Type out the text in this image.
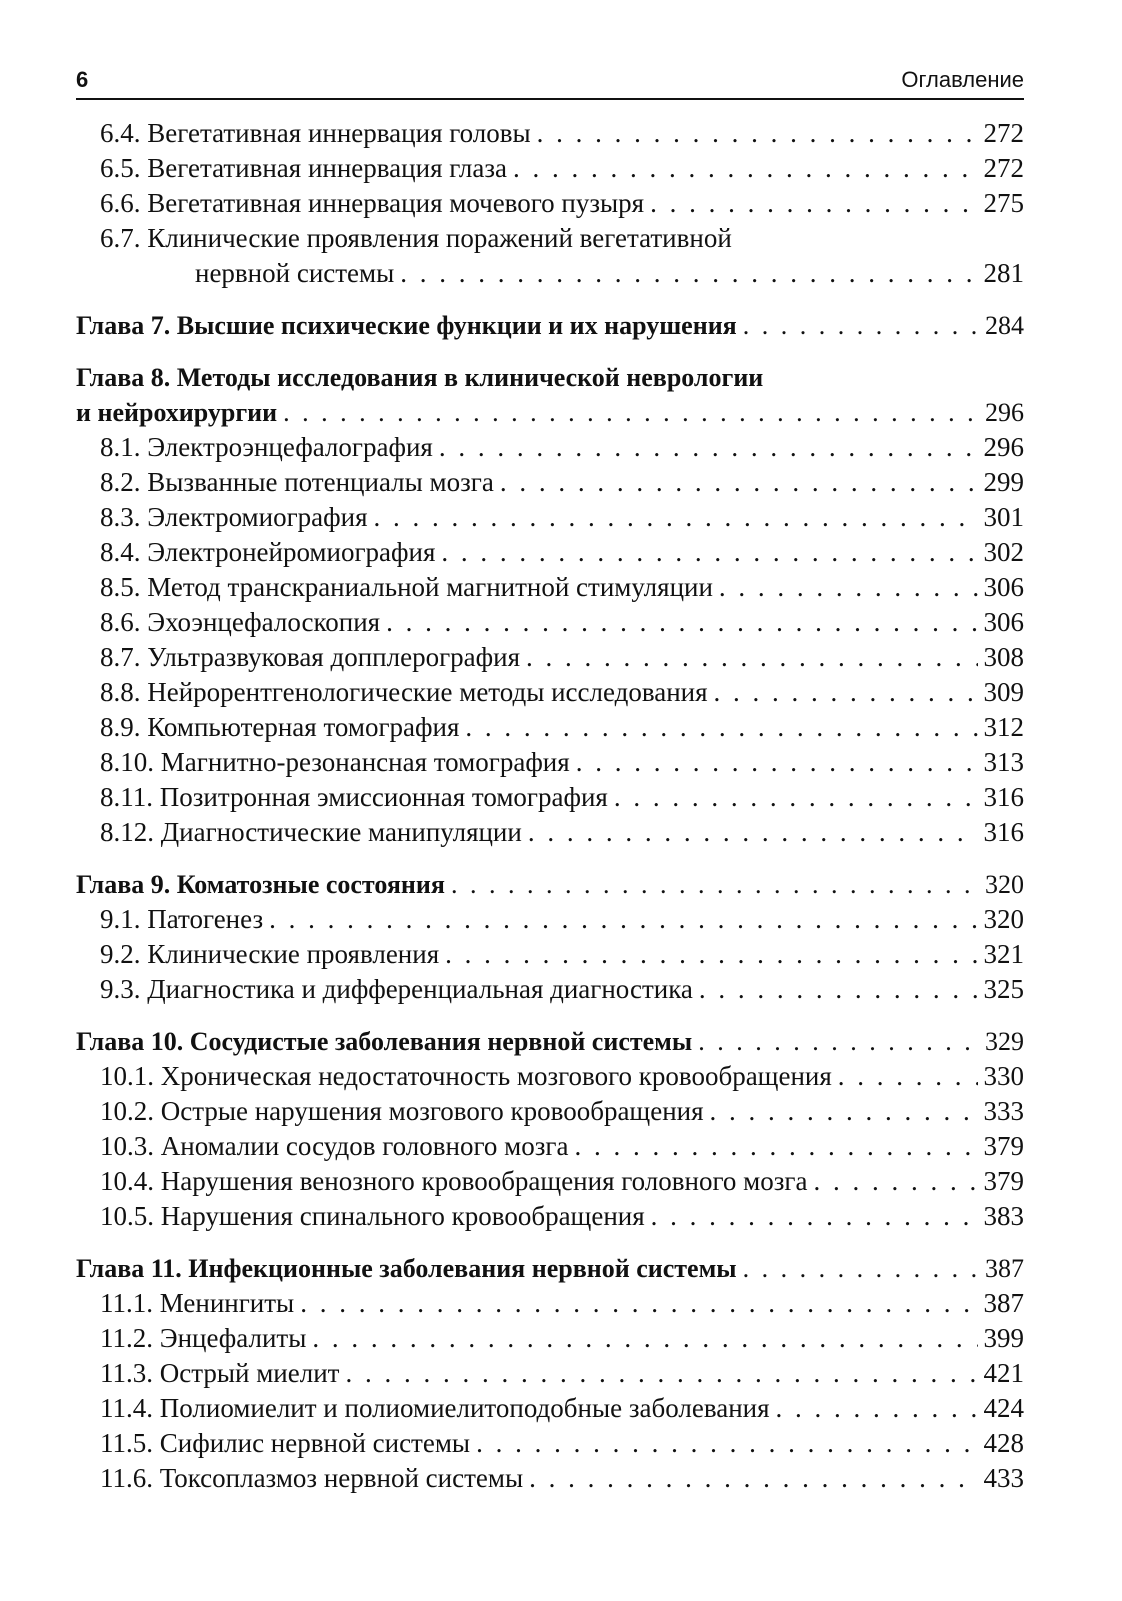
6	Оглавление
6.4. Вегетативная иннервация головы . . .	272
6.5. Вегетативная иннервация глаза . . .	272
6.6. Вегетативная иннервация мочевого пузыря . . .	275
6.7. Клинические проявления поражений вегетативной
нервной системы . . .	281
Глава 7. Высшие психические функции и их нарушения . . .	284
Глава 8. Методы исследования в клинической неврологии
и нейрохирургии . . .	296
8.1. Электроэнцефалография . . .	296
8.2. Вызванные потенциалы мозга . . .	299
8.3. Электромиография . . .	301
8.4. Электронейромиография . . .	302
8.5. Метод транскраниальной магнитной стимуляции . . .	306
8.6. Эхоэнцефалоскопия . . .	306
8.7. Ультразвуковая допплерография . . .	308
8.8. Нейрорентгенологические методы исследования . . .	309
8.9. Компьютерная томография . . .	312
8.10. Магнитно-резонансная томография . . .	313
8.11. Позитронная эмиссионная томография . . .	316
8.12. Диагностические манипуляции . . .	316
Глава 9. Коматозные состояния . . .	320
9.1. Патогенез . . .	320
9.2. Клинические проявления . . .	321
9.3. Диагностика и дифференциальная диагностика . . .	325
Глава 10. Сосудистые заболевания нервной системы . . .	329
10.1. Хроническая недостаточность мозгового кровообращения . . .	330
10.2. Острые нарушения мозгового кровообращения . . .	333
10.3. Аномалии сосудов головного мозга . . .	379
10.4. Нарушения венозного кровообращения головного мозга . . .	379
10.5. Нарушения спинального кровообращения . . .	383
Глава 11. Инфекционные заболевания нервной системы . . .	387
11.1. Менингиты . . .	387
11.2. Энцефалиты . . .	399
11.3. Острый миелит . . .	421
11.4. Полиомиелит и полиомиелитоподобные заболевания . . .	424
11.5. Сифилис нервной системы . . .	428
11.6. Токсоплазмоз нервной системы . . .	433
